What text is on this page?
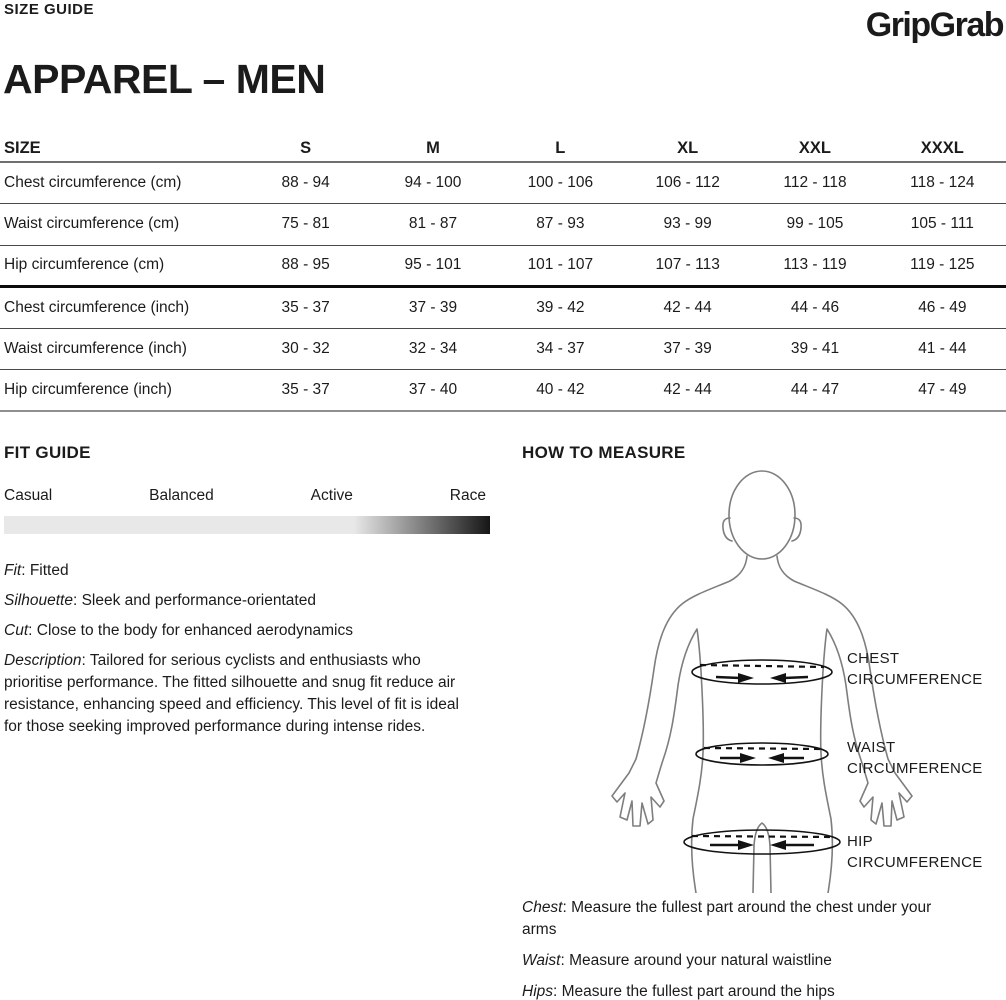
SIZE GUIDE	GripGrab
APPAREL – MEN
SIZE	S	M	L	XL	XXL	XXXL
Chest circumference (cm)	88 - 94	94 - 100	100 - 106	106 - 112	112 - 118	118 - 124
Waist circumference (cm)	75 - 81	81 - 87	87 - 93	93 - 99	99 - 105	105 - 111
Hip circumference (cm)	88 - 95	95 - 101	101 - 107	107 - 113	113 - 119	119 - 125
Chest circumference (inch)	35 - 37	37 - 39	39 - 42	42 - 44	44 - 46	46 - 49
Waist circumference (inch)	30 - 32	32 - 34	34 - 37	37 - 39	39 - 41	41 - 44
Hip circumference (inch)	35 - 37	37 - 40	40 - 42	42 - 44	44 - 47	47 - 49
FIT GUIDE
Casual	Balanced	Active	Race

Fit: Fitted

Silhouette: Sleek and performance-orientated

Cut: Close to the body for enhanced aerodynamics

Description: Tailored for serious cyclists and enthusiasts who prioritise performance. The fitted silhouette and snug fit reduce air resistance, enhancing speed and efficiency. This level of fit is ideal for those seeking improved performance during intense rides.

HOW TO MEASURE
CHEST
CIRCUMFERENCE
WAIST
CIRCUMFERENCE
HIP
CIRCUMFERENCE

Chest: Measure the fullest part around the chest under your arms

Waist: Measure around your natural waistline

Hips: Measure the fullest part around the hips
